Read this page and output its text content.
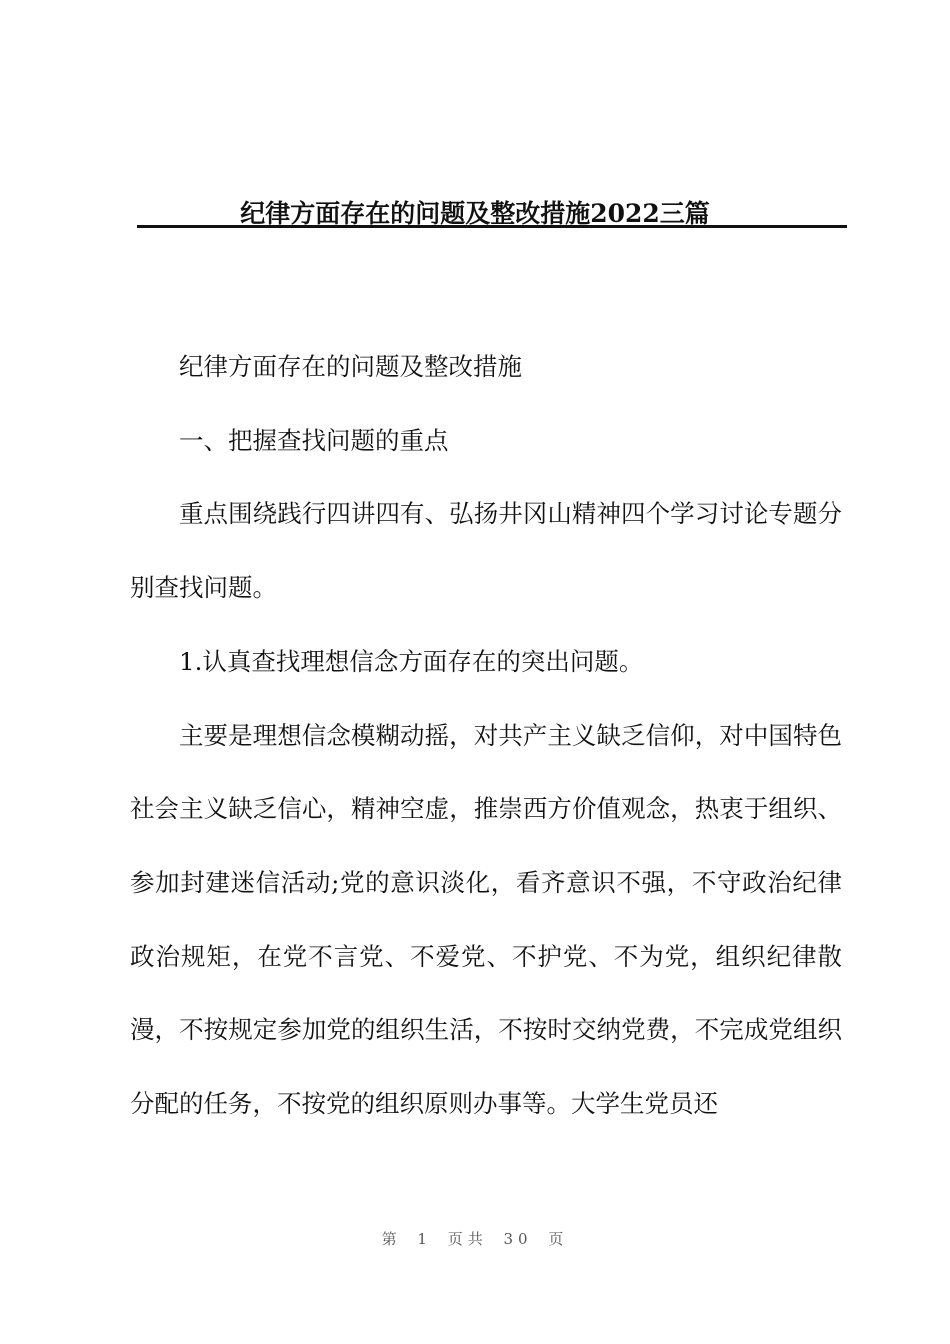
纪律方面存在的问题及整改措施2022三篇

纪律方面存在的问题及整改措施

一、把握查找问题的重点

重点围绕践行四讲四有、弘扬井冈山精神四个学习讨论专题分别查找问题。

1.认真查找理想信念方面存在的突出问题。

主要是理想信念模糊动摇，对共产主义缺乏信仰，对中国特色社会主义缺乏信心，精神空虚，推崇西方价值观念，热衷于组织、参加封建迷信活动;党的意识淡化，看齐意识不强，不守政治纪律政治规矩，在党不言党、不爱党、不护党、不为党，组织纪律散漫，不按规定参加党的组织生活，不按时交纳党费，不完成党组织分配的任务，不按党的组织原则办事等。大学生党员还

第 1 页共 30 页
